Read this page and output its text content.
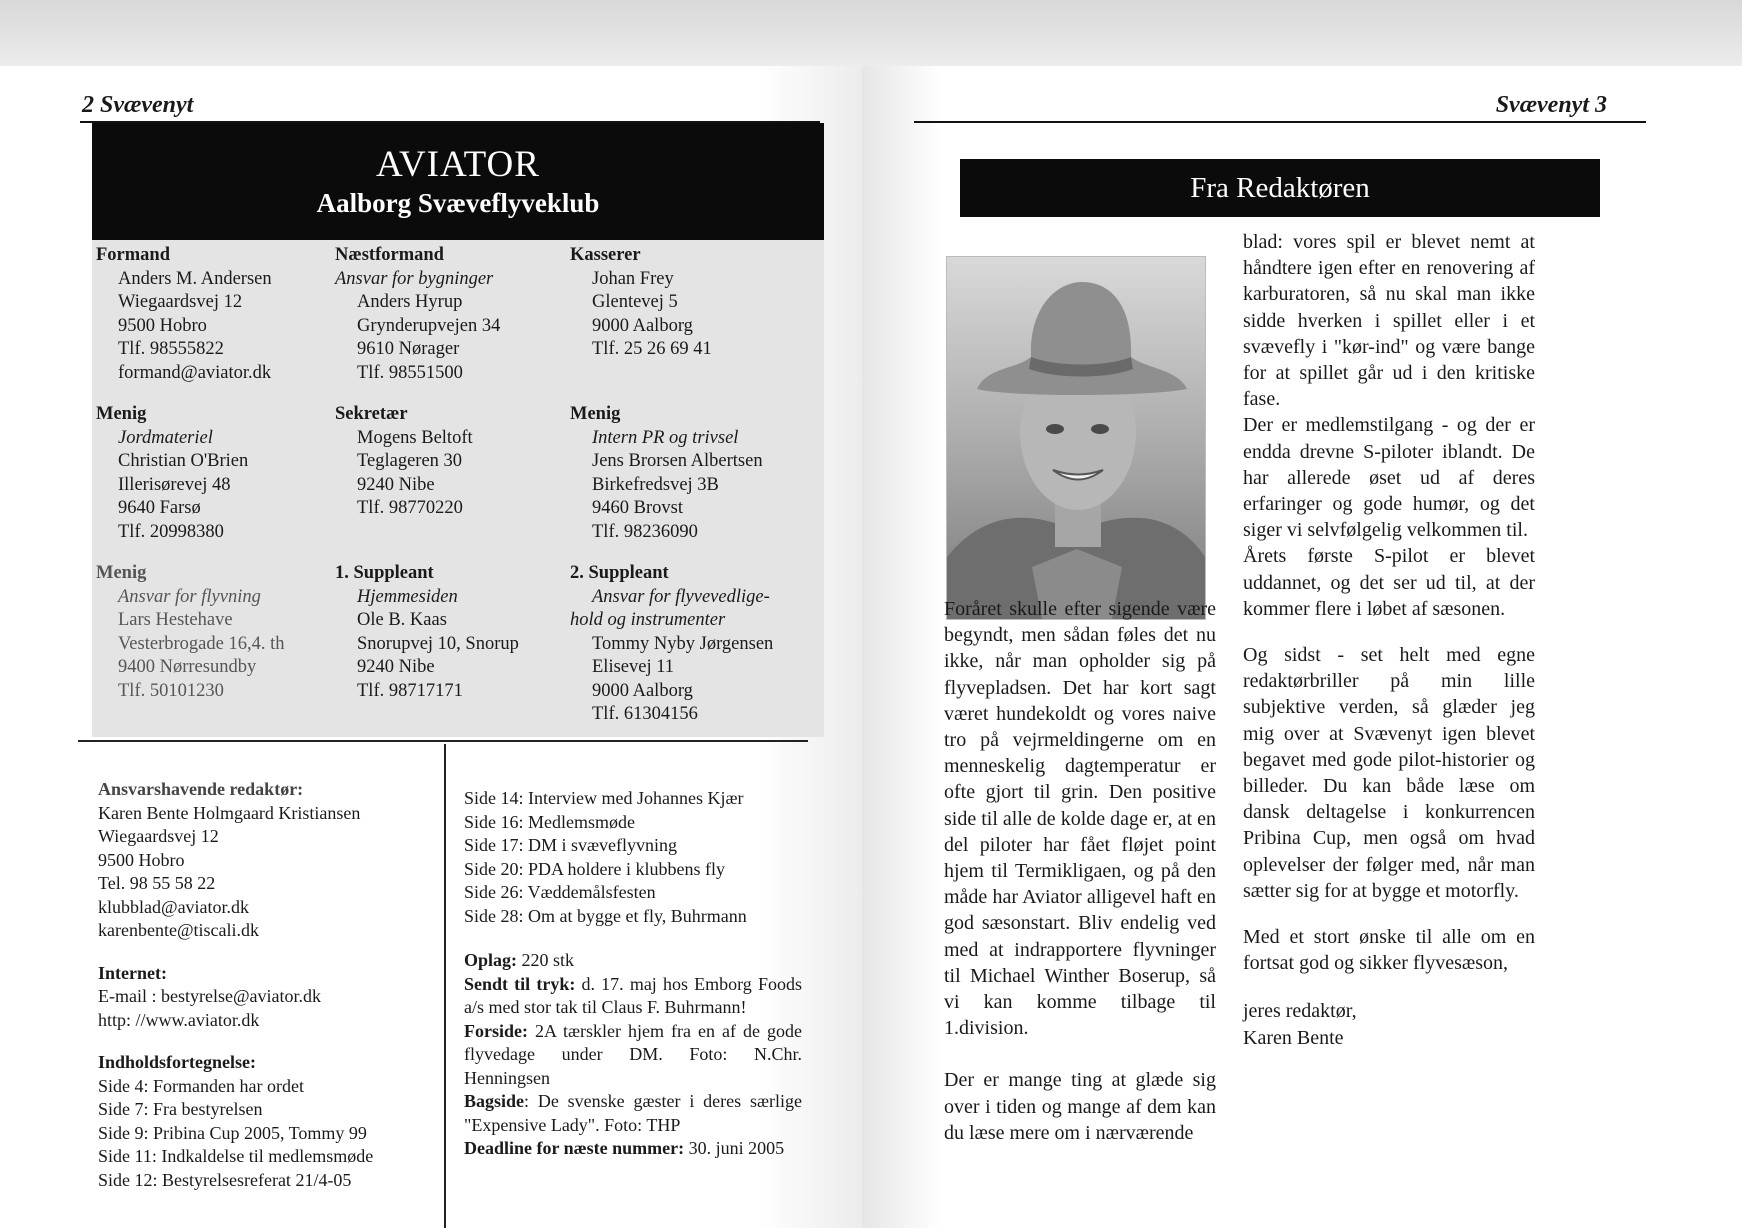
2 Svævenyt
AVIATOR
Aalborg Svæveflyveklub
Formand
Anders M. Andersen
Wiegaardsvej 12
9500 Hobro
Tlf. 98555822
formand@aviator.dk
Næstformand
Ansvar for bygninger
Anders Hyrup
Grynderupvejen 34
9610 Nørager
Tlf. 98551500
Kasserer
Johan Frey
Glentevej 5
9000 Aalborg
Tlf. 25 26 69 41
Menig
Jordmateriel
Christian O'Brien
Illerisørevej 48
9640 Farsø
Tlf. 20998380
Sekretær
Mogens Beltoft
Teglageren 30
9240 Nibe
Tlf. 98770220
Menig
Intern PR og trivsel
Jens Brorsen Albertsen
Birkefredsvej 3B
9460 Brovst
Tlf. 98236090
Menig
Ansvar for flyvning
Lars Hestehave
Vesterbrogade 16,4. th
9400 Nørresundby
Tlf. 50101230
1. Suppleant
Hjemmesiden
Ole B. Kaas
Snorupvej 10, Snorup
9240 Nibe
Tlf. 98717171
2. Suppleant
Ansvar for flyvevedlige-
hold og instrumenter
Tommy Nyby Jørgensen
Elisevej 11
9000 Aalborg
Tlf. 61304156
Ansvarshavende redaktør:
Karen Bente Holmgaard Kristiansen
Wiegaardsvej 12
9500 Hobro
Tel. 98 55 58 22
klubblad@aviator.dk
karenbente@tiscali.dk
Internet:
E-mail : bestyrelse@aviator.dk
http: //www.aviator.dk
Indholdsfortegnelse:
Side 4: Formanden har ordet
Side 7: Fra bestyrelsen
Side 9: Pribina Cup 2005, Tommy 99
Side 11: Indkaldelse til medlemsmøde
Side 12: Bestyrelsesreferat 21/4-05
Side 14: Interview med Johannes Kjær
Side 16: Medlemsmøde
Side 17: DM i svæveflyvning
Side 20: PDA holdere i klubbens fly
Side 26: Væddemålsfesten
Side 28: Om at bygge et fly, Buhrmann
Oplag: 220 stk
Sendt til tryk: d. 17. maj hos Emborg Foods a/s med stor tak til Claus F. Buhrmann!
Forside: 2A tærskler hjem fra en af de gode flyvedage under DM. Foto: N.Chr. Henningsen
Bagside: De svenske gæster i deres særlige "Expensive Lady". Foto: THP
Deadline for næste nummer: 30. juni 2005
Svævenyt 3
Fra Redaktøren

Foråret skulle efter sigende være begyndt, men sådan føles det nu ikke, når man opholder sig på flyvepladsen. Det har kort sagt været hundekoldt og vores naive tro på vejrmeldingerne om en menneskelig dagtemperatur er ofte gjort til grin. Den positive side til alle de kolde dage er, at en del piloter har fået fløjet point hjem til Termikligaen, og på den måde har Aviator alligevel haft en god sæsonstart. Bliv endelig ved med at indrapportere flyvninger til Michael Winther Boserup, så vi kan komme tilbage til 1.division.

Der er mange ting at glæde sig over i tiden og mange af dem kan du læse mere om i nærværende

blad: vores spil er blevet nemt at håndtere igen efter en renovering af karburatoren, så nu skal man ikke sidde hverken i spillet eller i et svævefly i "kør-ind" og være bange for at spillet går ud i den kritiske fase.

Der er medlemstilgang - og der er endda drevne S-piloter iblandt. De har allerede øset ud af deres erfaringer og gode humør, og det siger vi selvfølgelig velkommen til.

Årets første S-pilot er blevet uddannet, og det ser ud til, at der kommer flere i løbet af sæsonen.

Og sidst - set helt med egne redaktørbriller på min lille subjektive verden, så glæder jeg mig over at Svævenyt igen blevet begavet med gode pilot-historier og billeder. Du kan både læse om dansk deltagelse i konkurrencen Pribina Cup, men også om hvad oplevelser der følger med, når man sætter sig for at bygge et motorfly.

Med et stort ønske til alle om en fortsat god og sikker flyvesæson,

jeres redaktør,

Karen Bente
